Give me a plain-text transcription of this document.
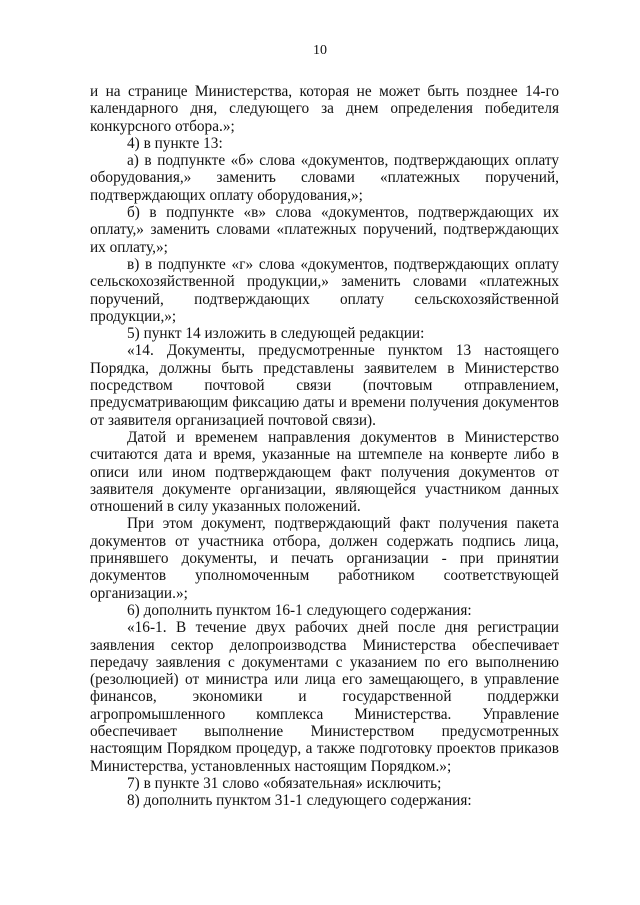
10

и на странице Министерства, которая не может быть позднее 14-го календарного дня, следующего за днем определения победителя конкурсного отбора.»;

4) в пункте 13:

а) в подпункте «б» слова «документов, подтверждающих оплату оборудования,» заменить словами «платежных поручений, подтверждающих оплату оборудования,»;

б) в подпункте «в» слова «документов, подтверждающих их оплату,» заменить словами «платежных поручений, подтверждающих их оплату,»;

в) в подпункте «г» слова «документов, подтверждающих оплату сельскохозяйственной продукции,» заменить словами «платежных поручений, подтверждающих оплату сельскохозяйственной продукции,»;

5) пункт 14 изложить в следующей редакции:

«14. Документы, предусмотренные пунктом 13 настоящего Порядка, должны быть представлены заявителем в Министерство посредством почтовой связи (почтовым отправлением, предусматривающим фиксацию даты и времени получения документов от заявителя организацией почтовой связи).

Датой и временем направления документов в Министерство считаются дата и время, указанные на штемпеле на конверте либо в описи или ином подтверждающем факт получения документов от заявителя документе организации, являющейся участником данных отношений в силу указанных положений.

При этом документ, подтверждающий факт получения пакета документов от участника отбора, должен содержать подпись лица, принявшего документы, и печать организации - при принятии документов уполномоченным работником соответствующей организации.»;

6) дополнить пунктом 16-1 следующего содержания:

«16-1. В течение двух рабочих дней после дня регистрации заявления сектор делопроизводства Министерства обеспечивает передачу заявления с документами с указанием по его выполнению (резолюцией) от министра или лица его замещающего, в управление финансов, экономики и государственной поддержки агропромышленного комплекса Министерства. Управление обеспечивает выполнение Министерством предусмотренных настоящим Порядком процедур, а также подготовку проектов приказов Министерства, установленных настоящим Порядком.»;

7) в пункте 31 слово «обязательная» исключить;

8) дополнить пунктом 31-1 следующего содержания:
